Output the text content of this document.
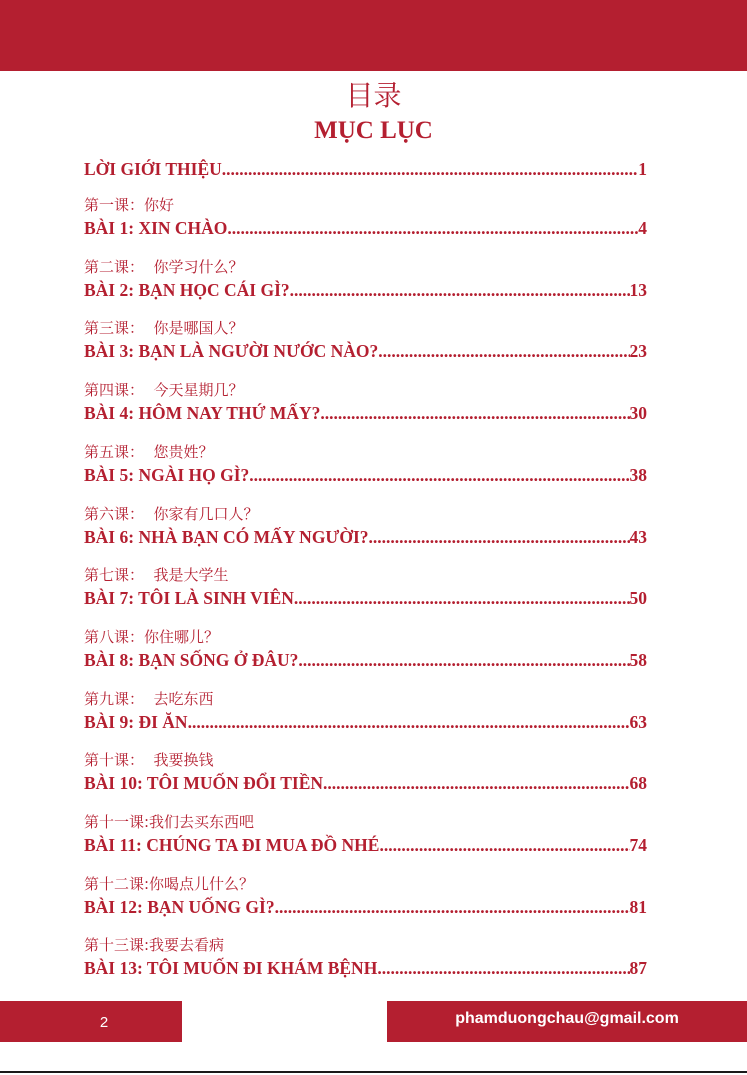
目录
MỤC LỤC
LỜI GIỚI THIỆU. .....	1
第一课：你好
BÀI 1: XIN CHÀO .....	4
第二课：  你学习什么？
BÀI 2: BẠN HỌC CÁI GÌ? .....	13
第三课：  你是哪国人？
BÀI 3: BẠN LÀ NGƯỜI NƯỚC NÀO? .....	23
第四课：  今天星期几？
BÀI 4: HÔM NAY THỨ MẤY? .....	30
第五课：  您贵姓？
BÀI 5: NGÀI HỌ GÌ? .....	38
第六课：  你家有几口人？
BÀI 6: NHÀ BẠN CÓ MẤY NGƯỜI? .....	43
第七课：  我是大学生
BÀI 7: TÔI LÀ SINH VIÊN .....	50
第八课：你住哪儿？
BÀI 8: BẠN SỐNG Ở ĐÂU? .....	58
第九课：  去吃东西
BÀI 9: ĐI ĂN .....	63
第十课：  我要换钱
BÀI 10: TÔI MUỐN ĐỔI TIỀN .....	68
第十一课:我们去买东西吧
BÀI 11: CHÚNG TA ĐI MUA ĐỒ NHÉ .....	74
第十二课:你喝点儿什么？
BÀI 12: BẠN UỐNG GÌ? .....	81
第十三课:我要去看病
BÀI 13: TÔI MUỐN ĐI KHÁM BỆNH .....	87
2	phamduongchau@gmail.com
